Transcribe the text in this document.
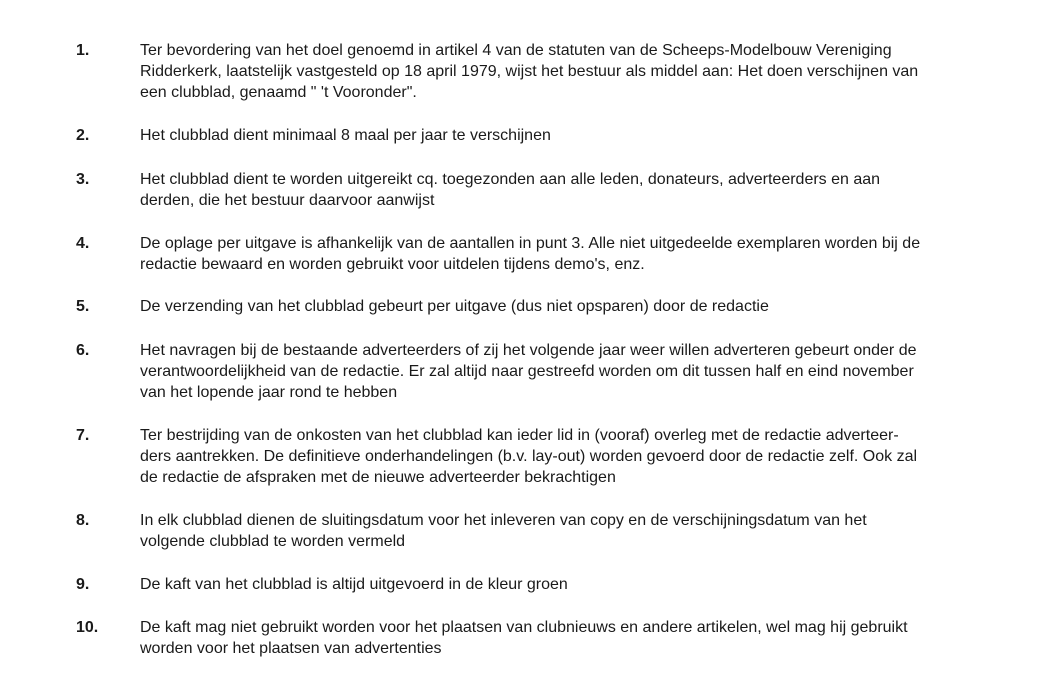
1.	Ter bevordering van het doel genoemd in artikel 4 van de statuten van de Scheeps-Modelbouw Vereniging
Ridderkerk, laatstelijk vastgesteld op 18 april 1979, wijst het bestuur als middel aan: Het doen verschijnen van
een clubblad, genaamd " 't Vooronder".
2.	Het clubblad dient minimaal 8 maal per jaar te verschijnen
3.	Het clubblad dient te worden uitgereikt cq. toegezonden aan alle leden, donateurs, adverteerders en aan
derden, die het bestuur daarvoor aanwijst
4.	De oplage per uitgave is afhankelijk van de aantallen in punt 3. Alle niet uitgedeelde exemplaren worden bij de
redactie bewaard en worden gebruikt voor uitdelen tijdens demo's, enz.
5.	De verzending van het clubblad gebeurt per uitgave (dus niet opsparen) door de redactie
6.	Het navragen bij de bestaande adverteerders of zij het volgende jaar weer willen adverteren gebeurt onder de
verantwoordelijkheid van de redactie. Er zal altijd naar gestreefd worden om dit tussen half en eind november
van het lopende jaar rond te hebben
7.	Ter bestrijding van de onkosten van het clubblad kan ieder lid in (vooraf) overleg met de redactie adverteer-
ders aantrekken. De definitieve onderhandelingen (b.v. lay-out) worden gevoerd door de redactie zelf. Ook zal
de redactie de afspraken met de nieuwe adverteerder bekrachtigen
8.	In elk clubblad dienen de sluitingsdatum voor het inleveren van copy en de verschijningsdatum van het
volgende clubblad te worden vermeld
9.	De kaft van het clubblad is altijd uitgevoerd in de kleur groen
10.	De kaft mag niet gebruikt worden voor het plaatsen van clubnieuws en andere artikelen, wel mag hij gebruikt
worden voor het plaatsen van advertenties
